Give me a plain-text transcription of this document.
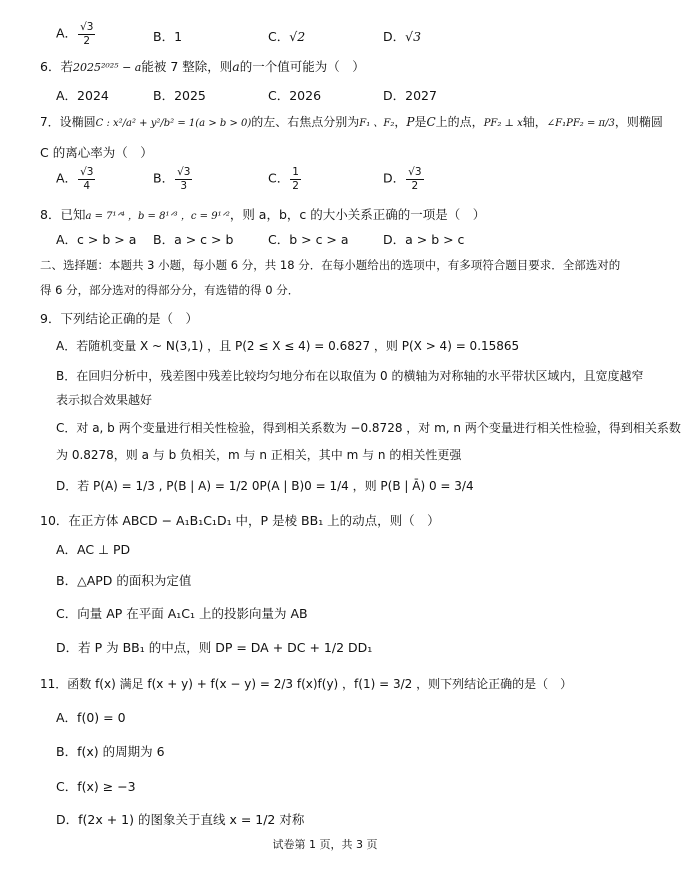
A． $\frac{√3}{2}$	B．1	C．√2	D．√3
6．若2025²⁰²⁵ − a能被 7 整除，则a的一个值可能为（　）
A．2024	B．2025	C．2026	D．2027
7．设椭圆C : x²/a² + y²/b² = 1(a > b > 0)的左、右焦点分别为F₁ 、F₂，P是C上的点，PF₂ ⊥ x轴，∠F₁PF₂ = π/3，则椭圆
C 的离心率为（　）
A． $\frac{√3}{4}$	B． $\frac{√3}{3}$	C． $\frac{1}{2}$	D． $\frac{√3}{2}$
8．已知a = 7¹ᐟ⁴ ，b = 8¹ᐟ³ ，c = 9¹ᐟ²，则 a，b，c 的大小关系正确的一项是（　）
A．c > b > a B．a > c > b	C．b > c > a	D．a > b > c
二、选择题：本题共 3 小题，每小题 6 分，共 18 分．在每小题给出的选项中，有多项符合题目要求．全部选对的
得 6 分，部分选对的得部分分，有选错的得 0 分．
9．下列结论正确的是（　）
A．若随机变量 X ~ N(3,1) ，且 P(2 ≤ X ≤ 4) = 0.6827 ，则 P(X > 4) = 0.15865
B．在回归分析中，残差图中残差比较均匀地分布在以取值为 0 的横轴为对称轴的水平带状区域内，且宽度越窄
表示拟合效果越好
C．对 a, b 两个变量进行相关性检验，得到相关系数为 −0.8728 ，对 m, n 两个变量进行相关性检验，得到相关系数
为 0.8278，则 a 与 b 负相关，m 与 n 正相关，其中 m 与 n 的相关性更强
D．若 P(A) = 1/3 , P(B | A) = 1/2 0P(A | B)0 = 1/4 ，则 P(B | Ā) 0 = 3/4
10．在正方体 ABCD − A₁B₁C₁D₁ 中，P 是棱 BB₁ 上的动点，则（　）
A．AC ⊥ PD
B．△APD 的面积为定值
C．向量 AP 在平面 A₁C₁ 上的投影向量为 AB
D．若 P 为 BB₁ 的中点，则 DP = DA + DC + 1/2 DD₁
11．函数 f(x) 满足 f(x + y) + f(x − y) = 2/3 f(x)f(y) ，f(1) = 3/2 ，则下列结论正确的是（　）
A．f(0) = 0
B．f(x) 的周期为 6
C．f(x) ≥ −3
D．f(2x + 1) 的图象关于直线 x = 1/2 对称
试卷第 1 页，共 3 页
